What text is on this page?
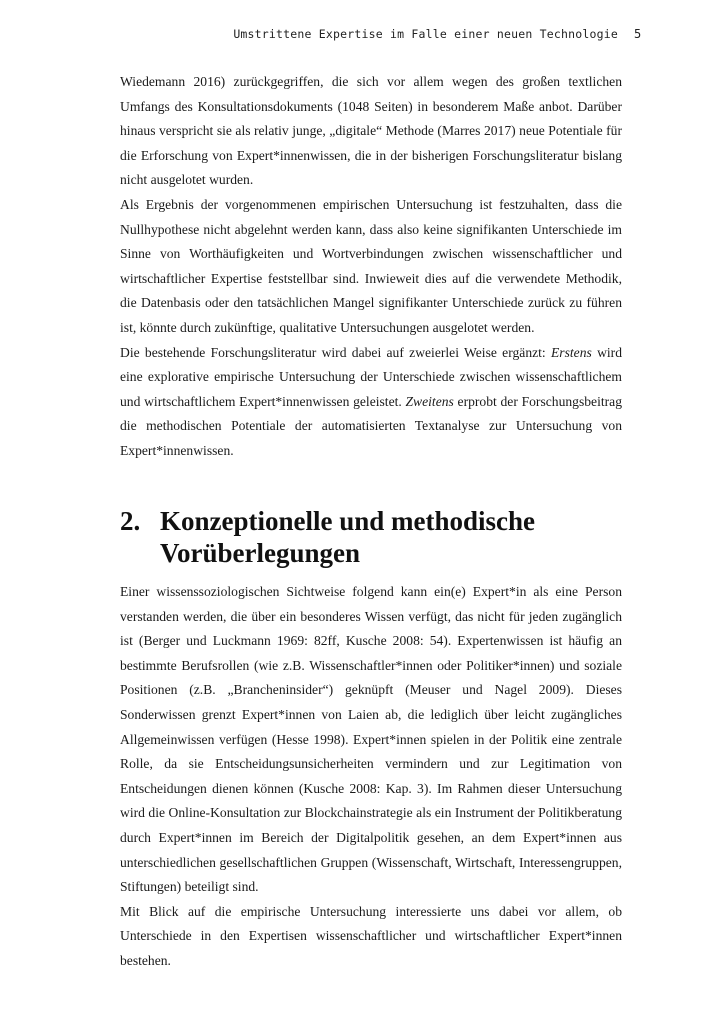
Umstrittene Expertise im Falle einer neuen Technologie 5

Wiedemann 2016) zurückgegriffen, die sich vor allem wegen des großen textlichen Umfangs des Konsultationsdokuments (1048 Seiten) in besonderem Maße anbot. Darüber hinaus verspricht sie als relativ junge, „digitale“ Methode (Marres 2017) neue Potentiale für die Erforschung von Expert*innenwissen, die in der bisherigen Forschungsliteratur bislang nicht ausgelotet wurden.

Als Ergebnis der vorgenommenen empirischen Untersuchung ist festzuhalten, dass die Nullhypothese nicht abgelehnt werden kann, dass also keine signifikanten Unterschiede im Sinne von Worthäufigkeiten und Wortverbindungen zwischen wissenschaftlicher und wirtschaftlicher Expertise feststellbar sind. Inwieweit dies auf die verwendete Methodik, die Datenbasis oder den tatsächlichen Mangel signifikanter Unterschiede zurück zu führen ist, könnte durch zukünftige, qualitative Untersuchungen ausgelotet werden.

Die bestehende Forschungsliteratur wird dabei auf zweierlei Weise ergänzt: Erstens wird eine explorative empirische Untersuchung der Unterschiede zwischen wissenschaftlichem und wirtschaftlichem Expert*innenwissen geleistet. Zweitens erprobt der Forschungsbeitrag die methodischen Potentiale der automatisierten Textanalyse zur Untersuchung von Expert*innenwissen.

2. Konzeptionelle und methodische
Vorüberlegungen

Einer wissenssoziologischen Sichtweise folgend kann ein(e) Expert*in als eine Person verstanden werden, die über ein besonderes Wissen verfügt, das nicht für jeden zugänglich ist (Berger und Luckmann 1969: 82ff, Kusche 2008: 54). Expertenwissen ist häufig an bestimmte Berufsrollen (wie z.B. Wissenschaftler*innen oder Politiker*innen) und soziale Positionen (z.B. „Brancheninsider“) geknüpft (Meuser und Nagel 2009). Dieses Sonderwissen grenzt Expert*innen von Laien ab, die lediglich über leicht zugängliches Allgemeinwissen verfügen (Hesse 1998). Expert*innen spielen in der Politik eine zentrale Rolle, da sie Entscheidungsunsicherheiten vermindern und zur Legitimation von Entscheidungen dienen können (Kusche 2008: Kap. 3). Im Rahmen dieser Untersuchung wird die Online-Konsultation zur Blockchainstrategie als ein Instrument der Politikberatung durch Expert*innen im Bereich der Digitalpolitik gesehen, an dem Expert*innen aus unterschiedlichen gesellschaftlichen Gruppen (Wissenschaft, Wirtschaft, Interessengruppen, Stiftungen) beteiligt sind.

Mit Blick auf die empirische Untersuchung interessierte uns dabei vor allem, ob Unterschiede in den Expertisen wissenschaftlicher und wirtschaftlicher Expert*innen bestehen.
